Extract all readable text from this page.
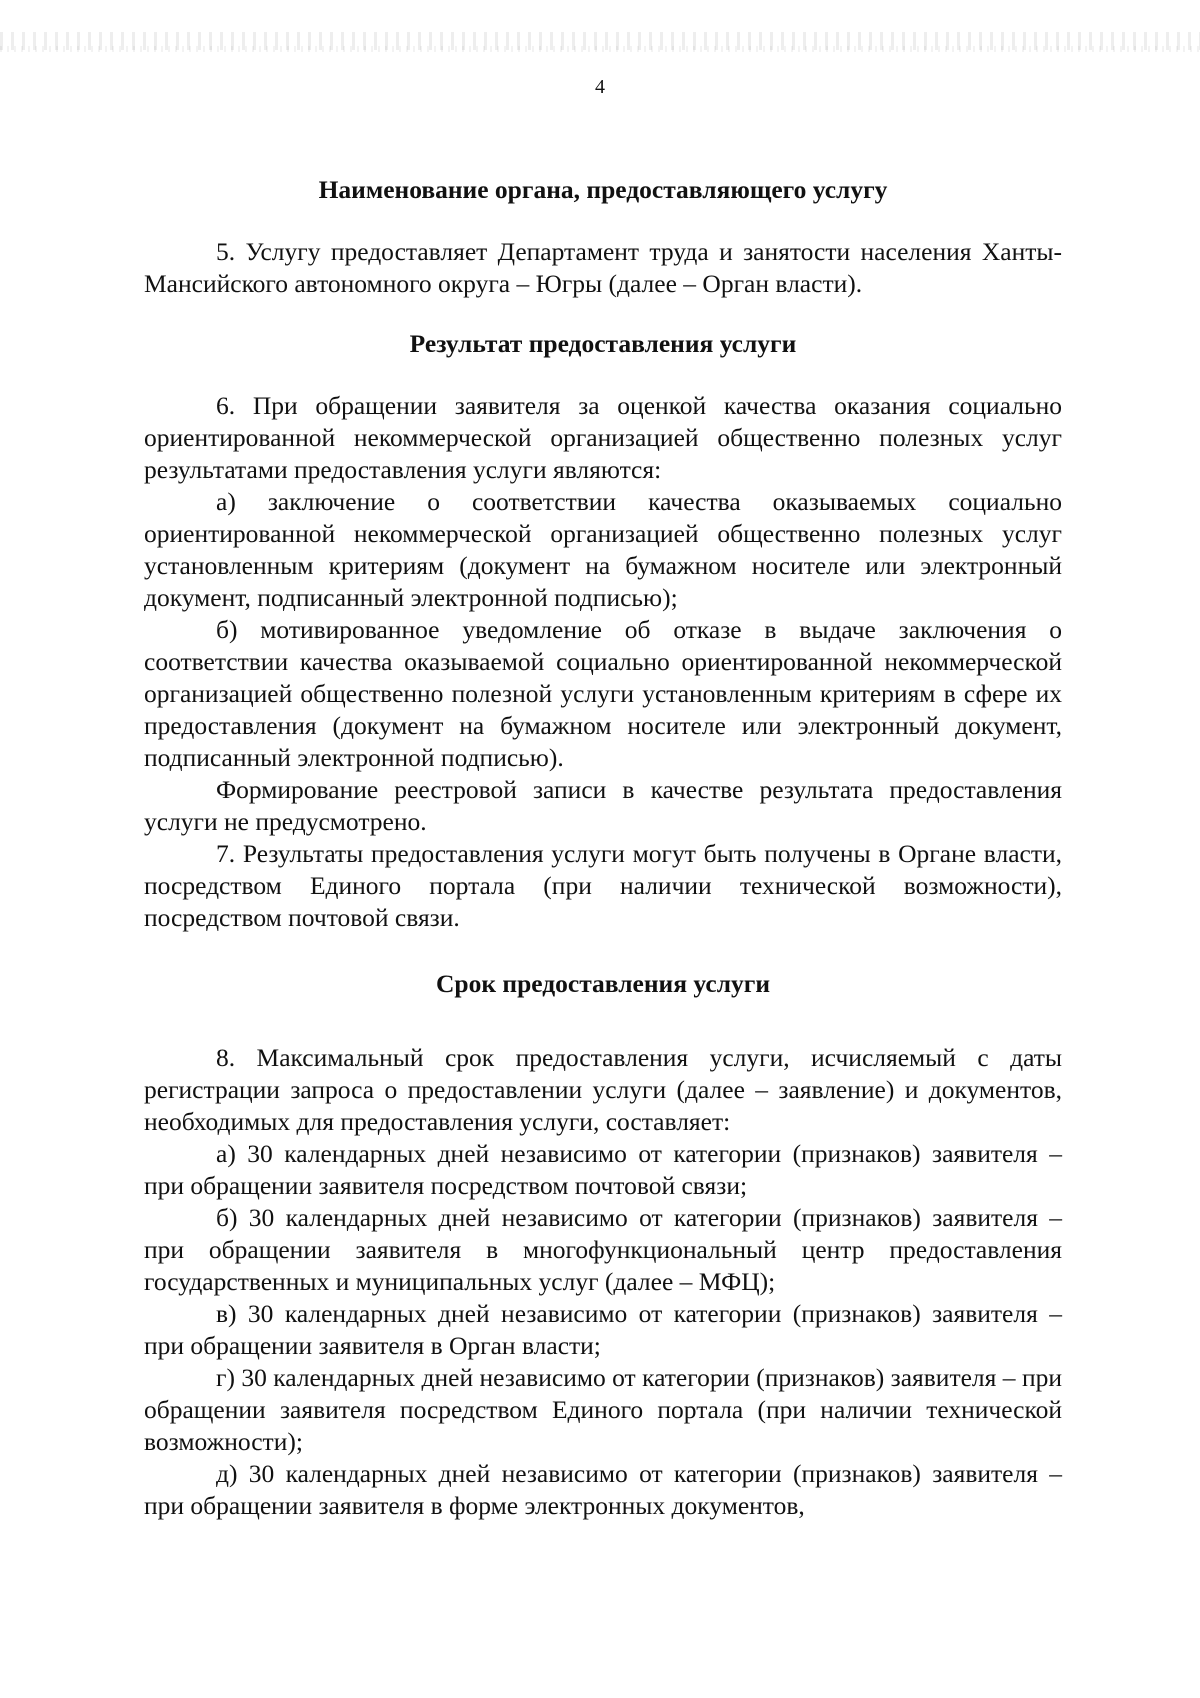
4
Наименование органа, предоставляющего услугу

5. Услугу предоставляет Департамент труда и занятости населения Ханты-Мансийского автономного округа – Югры (далее – Орган власти).

Результат предоставления услуги

6. При обращении заявителя за оценкой качества оказания социально ориентированной некоммерческой организацией общественно полезных услуг результатами предоставления услуги являются:

а) заключение о соответствии качества оказываемых социально ориентированной некоммерческой организацией общественно полезных услуг установленным критериям (документ на бумажном носителе или электронный документ, подписанный электронной подписью);

б) мотивированное уведомление об отказе в выдаче заключения о соответствии качества оказываемой социально ориентированной некоммерческой организацией общественно полезной услуги установленным критериям в сфере их предоставления (документ на бумажном носителе или электронный документ, подписанный электронной подписью).

Формирование реестровой записи в качестве результата предоставления услуги не предусмотрено.

7. Результаты предоставления услуги могут быть получены в Органе власти, посредством Единого портала (при наличии технической возможности), посредством почтовой связи.

Срок предоставления услуги

8. Максимальный срок предоставления услуги, исчисляемый с даты регистрации запроса о предоставлении услуги (далее – заявление) и документов, необходимых для предоставления услуги, составляет:

а) 30 календарных дней независимо от категории (признаков) заявителя – при обращении заявителя посредством почтовой связи;

б) 30 календарных дней независимо от категории (признаков) заявителя – при обращении заявителя в многофункциональный центр предоставления государственных и муниципальных услуг (далее – МФЦ);

в) 30 календарных дней независимо от категории (признаков) заявителя – при обращении заявителя в Орган власти;

г) 30 календарных дней независимо от категории (признаков) заявителя – при обращении заявителя посредством Единого портала (при наличии технической возможности);

д) 30 календарных дней независимо от категории (признаков) заявителя – при обращении заявителя в форме электронных документов,
